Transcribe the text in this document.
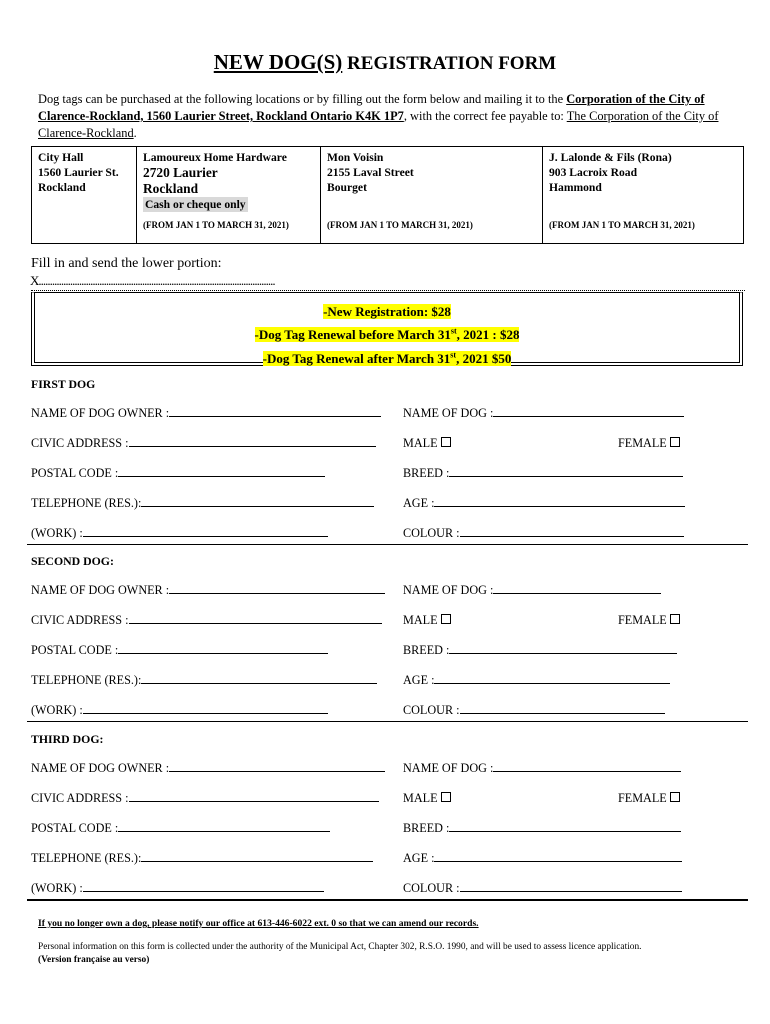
NEW DOG(S) REGISTRATION FORM
Dog tags can be purchased at the following locations or by filling out the form below and mailing it to the Corporation of the City of Clarence-Rockland, 1560 Laurier Street, Rockland Ontario K4K 1P7, with the correct fee payable to: The Corporation of the City of Clarence-Rockland.
City Hall
1560 Laurier St.
Rockland
Lamoureux Home Hardware
2720 Laurier
Rockland
Cash or cheque only
(FROM JAN 1 TO MARCH 31, 2021)
Mon Voisin
2155 Laval Street
Bourget
(FROM JAN 1 TO MARCH 31, 2021)
J. Lalonde & Fils (Rona)
903 Lacroix Road
Hammond
(FROM JAN 1 TO MARCH 31, 2021)
Fill in and send the lower portion:
X.........................................................................................................
-New Registration: $28
-Dog Tag Renewal before March 31st, 2021 : $28
-Dog Tag Renewal after March 31st, 2021 $50
FIRST DOG
NAME OF DOG OWNER :	NAME OF DOG :
CIVIC ADDRESS :	MALE	FEMALE
POSTAL CODE :	BREED :
TELEPHONE (RES.):	AGE :
(WORK) :	COLOUR :
SECOND DOG:
NAME OF DOG OWNER :	NAME OF DOG :
CIVIC ADDRESS :	MALE	FEMALE
POSTAL CODE :	BREED :
TELEPHONE (RES.):	AGE :
(WORK) :	COLOUR :
THIRD DOG:
NAME OF DOG OWNER :	NAME OF DOG :
CIVIC ADDRESS :	MALE	FEMALE
POSTAL CODE :	BREED :
TELEPHONE (RES.):	AGE :
(WORK) :	COLOUR :
If you no longer own a dog, please notify our office at 613-446-6022 ext. 0 so that we can amend our records.
Personal information on this form is collected under the authority of the Municipal Act, Chapter 302, R.S.O. 1990, and will be used to assess licence application.
(Version française au verso)
